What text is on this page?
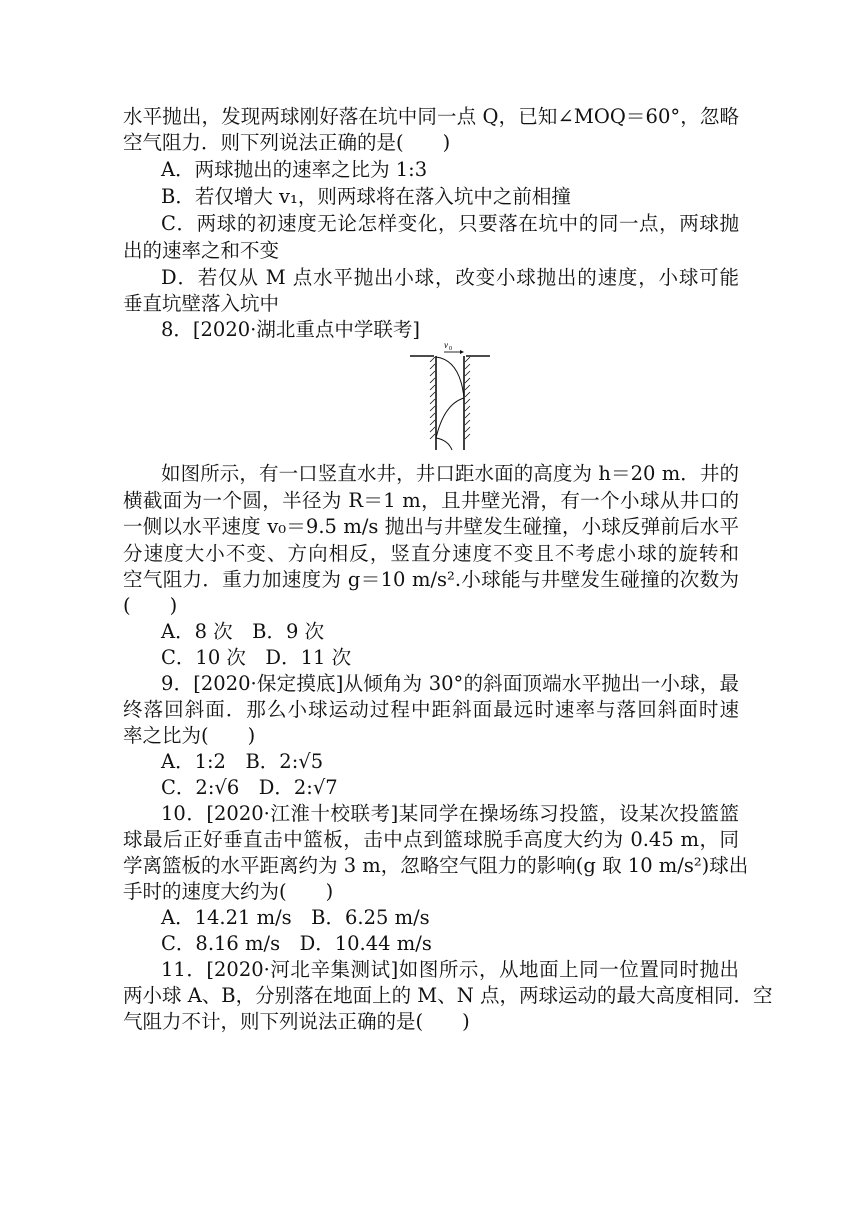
水平抛出，发现两球刚好落在坑中同一点 Q，已知∠MOQ＝60°，忽略
空气阻力．则下列说法正确的是(　　)
A．两球抛出的速率之比为 1:3
B．若仅增大 v₁，则两球将在落入坑中之前相撞
C．两球的初速度无论怎样变化，只要落在坑中的同一点，两球抛
出的速率之和不变
D．若仅从 M 点水平抛出小球，改变小球抛出的速度，小球可能
垂直坑壁落入坑中
8．[2020·湖北重点中学联考]
v 0
如图所示，有一口竖直水井，井口距水面的高度为 h＝20 m．井的
横截面为一个圆，半径为 R＝1 m，且井壁光滑，有一个小球从井口的
一侧以水平速度 v₀＝9.5 m/s 抛出与井壁发生碰撞，小球反弹前后水平
分速度大小不变、方向相反，竖直分速度不变且不考虑小球的旋转和
空气阻力．重力加速度为 g＝10 m/s².小球能与井壁发生碰撞的次数为
(　　)
A．8 次　B．9 次
C．10 次　D．11 次
9．[2020·保定摸底]从倾角为 30°的斜面顶端水平抛出一小球，最
终落回斜面．那么小球运动过程中距斜面最远时速率与落回斜面时速
率之比为(　　)
A．1:2　B．2:√5
C．2:√6　D．2:√7
10．[2020·江淮十校联考]某同学在操场练习投篮，设某次投篮篮
球最后正好垂直击中篮板，击中点到篮球脱手高度大约为 0.45 m，同
学离篮板的水平距离约为 3 m，忽略空气阻力的影响(g 取 10 m/s²)球出
手时的速度大约为(　　)
A．14.21 m/s　B．6.25 m/s
C．8.16 m/s　D．10.44 m/s
11．[2020·河北辛集测试]如图所示，从地面上同一位置同时抛出
两小球 A、B，分别落在地面上的 M、N 点，两球运动的最大高度相同．空
气阻力不计，则下列说法正确的是(　　)
